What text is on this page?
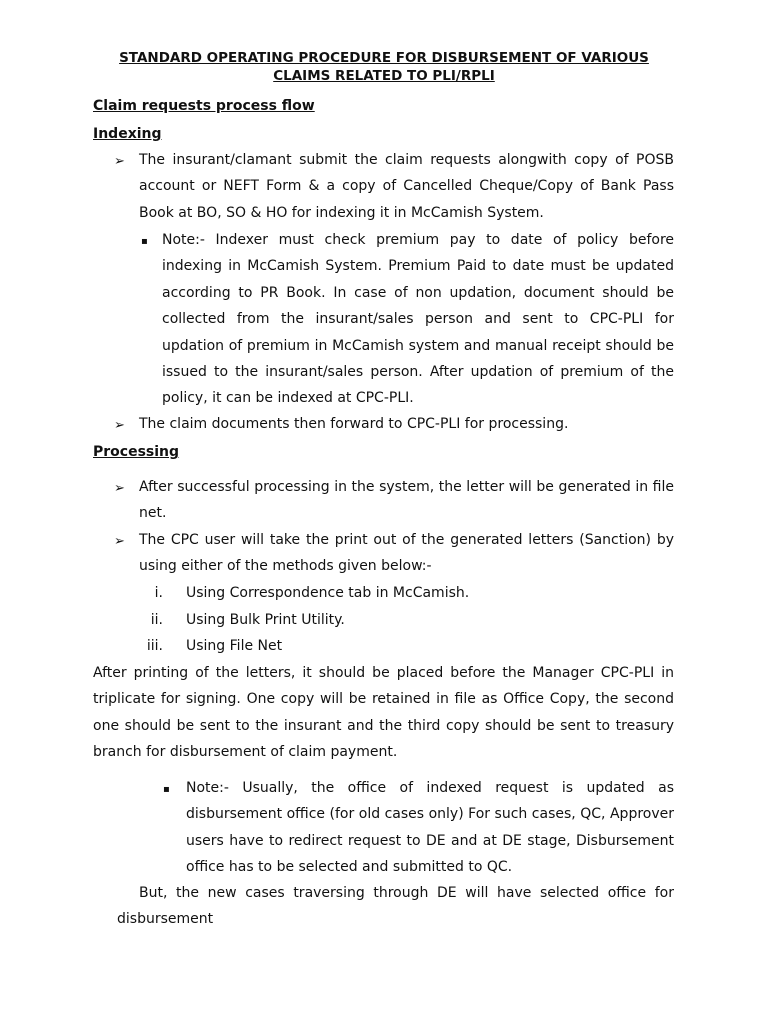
STANDARD OPERATING PROCEDURE FOR DISBURSEMENT OF VARIOUS
CLAIMS RELATED TO PLI/RPLI
Claim requests process flow
Indexing
➢ The insurant/clamant submit the claim requests alongwith copy of POSB account or NEFT Form & a copy of Cancelled Cheque/Copy of Bank Pass Book at BO, SO & HO for indexing it in McCamish System.

▪ Note:- Indexer must check premium pay to date of policy before indexing in McCamish System. Premium Paid to date must be updated according to PR Book. In case of non updation, document should be collected from the insurant/sales person and sent to CPC-PLI for updation of premium in McCamish system and manual receipt should be issued to the insurant/sales person. After updation of premium of the policy, it can be indexed at CPC-PLI.

➢ The claim documents then forward to CPC-PLI for processing.

Processing
➢ After successful processing in the system, the letter will be generated in file net.

➢ The CPC user will take the print out of the generated letters (Sanction) by using either of the methods given below:-

i. Using Correspondence tab in McCamish.
ii. Using Bulk Print Utility.
iii. Using File Net

After printing of the letters, it should be placed before the Manager CPC-PLI in triplicate for signing. One copy will be retained in file as Office Copy, the second one should be sent to the insurant and the third copy should be sent to treasury branch for disbursement of claim payment.

▪ Note:- Usually, the office of indexed request is updated as disbursement office (for old cases only) For such cases, QC, Approver users have to redirect request to DE and at DE stage, Disbursement office has to be selected and submitted to QC.

But, the new cases traversing through DE will have selected office for disbursement
